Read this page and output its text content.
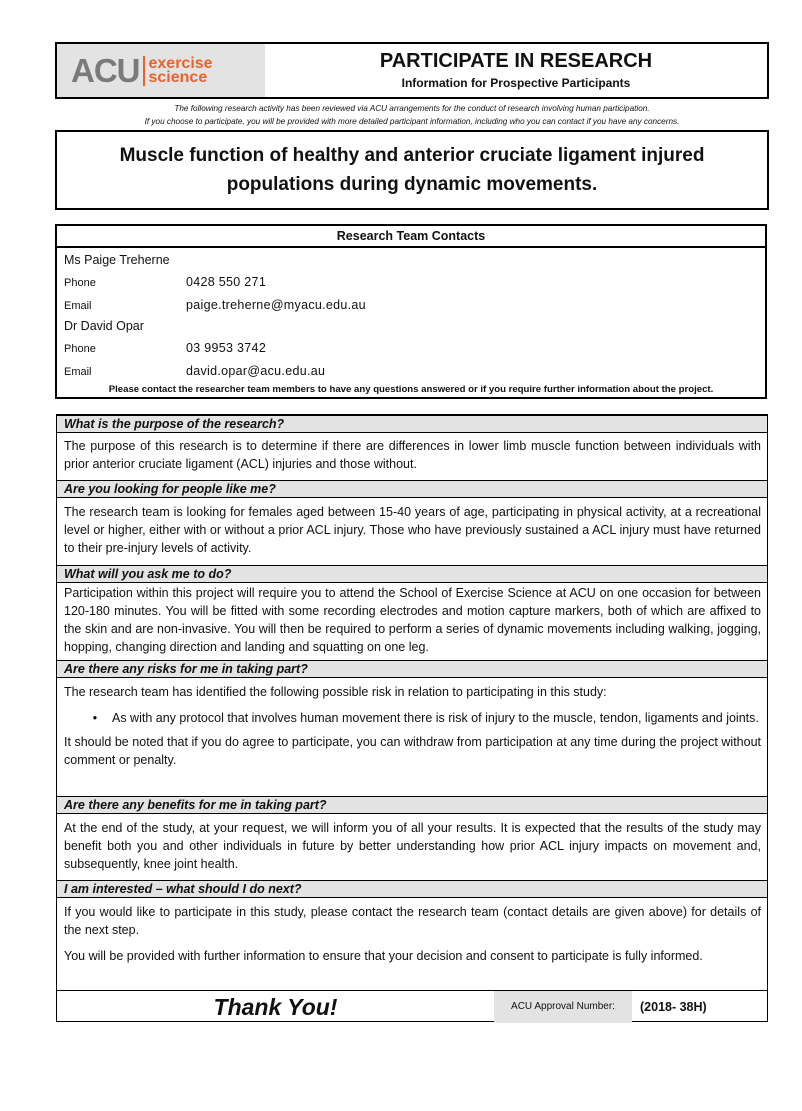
ACU exercise
science
PARTICIPATE IN RESEARCH
Information for Prospective Participants
The following research activity has been reviewed via ACU arrangements for the conduct of research involving human participation.
If you choose to participate, you will be provided with more detailed participant information, including who you can contact if you have any concerns.
Muscle function of healthy and anterior cruciate ligament injured
populations during dynamic movements.
Research Team Contacts
Ms Paige Treherne
Phone	0428 550 271
Email	paige.treherne@myacu.edu.au
Dr David Opar
Phone	03 9953 3742
Email	david.opar@acu.edu.au
Please contact the researcher team members to have any questions answered or if you require further information about the project.
What is the purpose of the research?

The purpose of this research is to determine if there are differences in lower limb muscle function between individuals with prior anterior cruciate ligament (ACL) injuries and those without.

Are you looking for people like me?

The research team is looking for females aged between 15-40 years of age, participating in physical activity, at a recreational level or higher, either with or without a prior ACL injury. Those who have previously sustained a ACL injury must have returned to their pre-injury levels of activity.

What will you ask me to do?

Participation within this project will require you to attend the School of Exercise Science at ACU on one occasion for between 120-180 minutes. You will be fitted with some recording electrodes and motion capture markers, both of which are affixed to the skin and are non-invasive. You will then be required to perform a series of dynamic movements including walking, jogging, hopping, changing direction and landing and squatting on one leg.

Are there any risks for me in taking part?

The research team has identified the following possible risk in relation to participating in this study:

•	As with any protocol that involves human movement there is risk of injury to the muscle, tendon, ligaments and joints.

It should be noted that if you do agree to participate, you can withdraw from participation at any time during the project without comment or penalty.

Are there any benefits for me in taking part?

At the end of the study, at your request, we will inform you of all your results. It is expected that the results of the study may benefit both you and other individuals in future by better understanding how prior ACL injury impacts on movement and, subsequently, knee joint health.

I am interested – what should I do next?

If you would like to participate in this study, please contact the research team (contact details are given above) for details of the next step.

You will be provided with further information to ensure that your decision and consent to participate is fully informed.

Thank You!	ACU Approval Number:	(2018- 38H)
